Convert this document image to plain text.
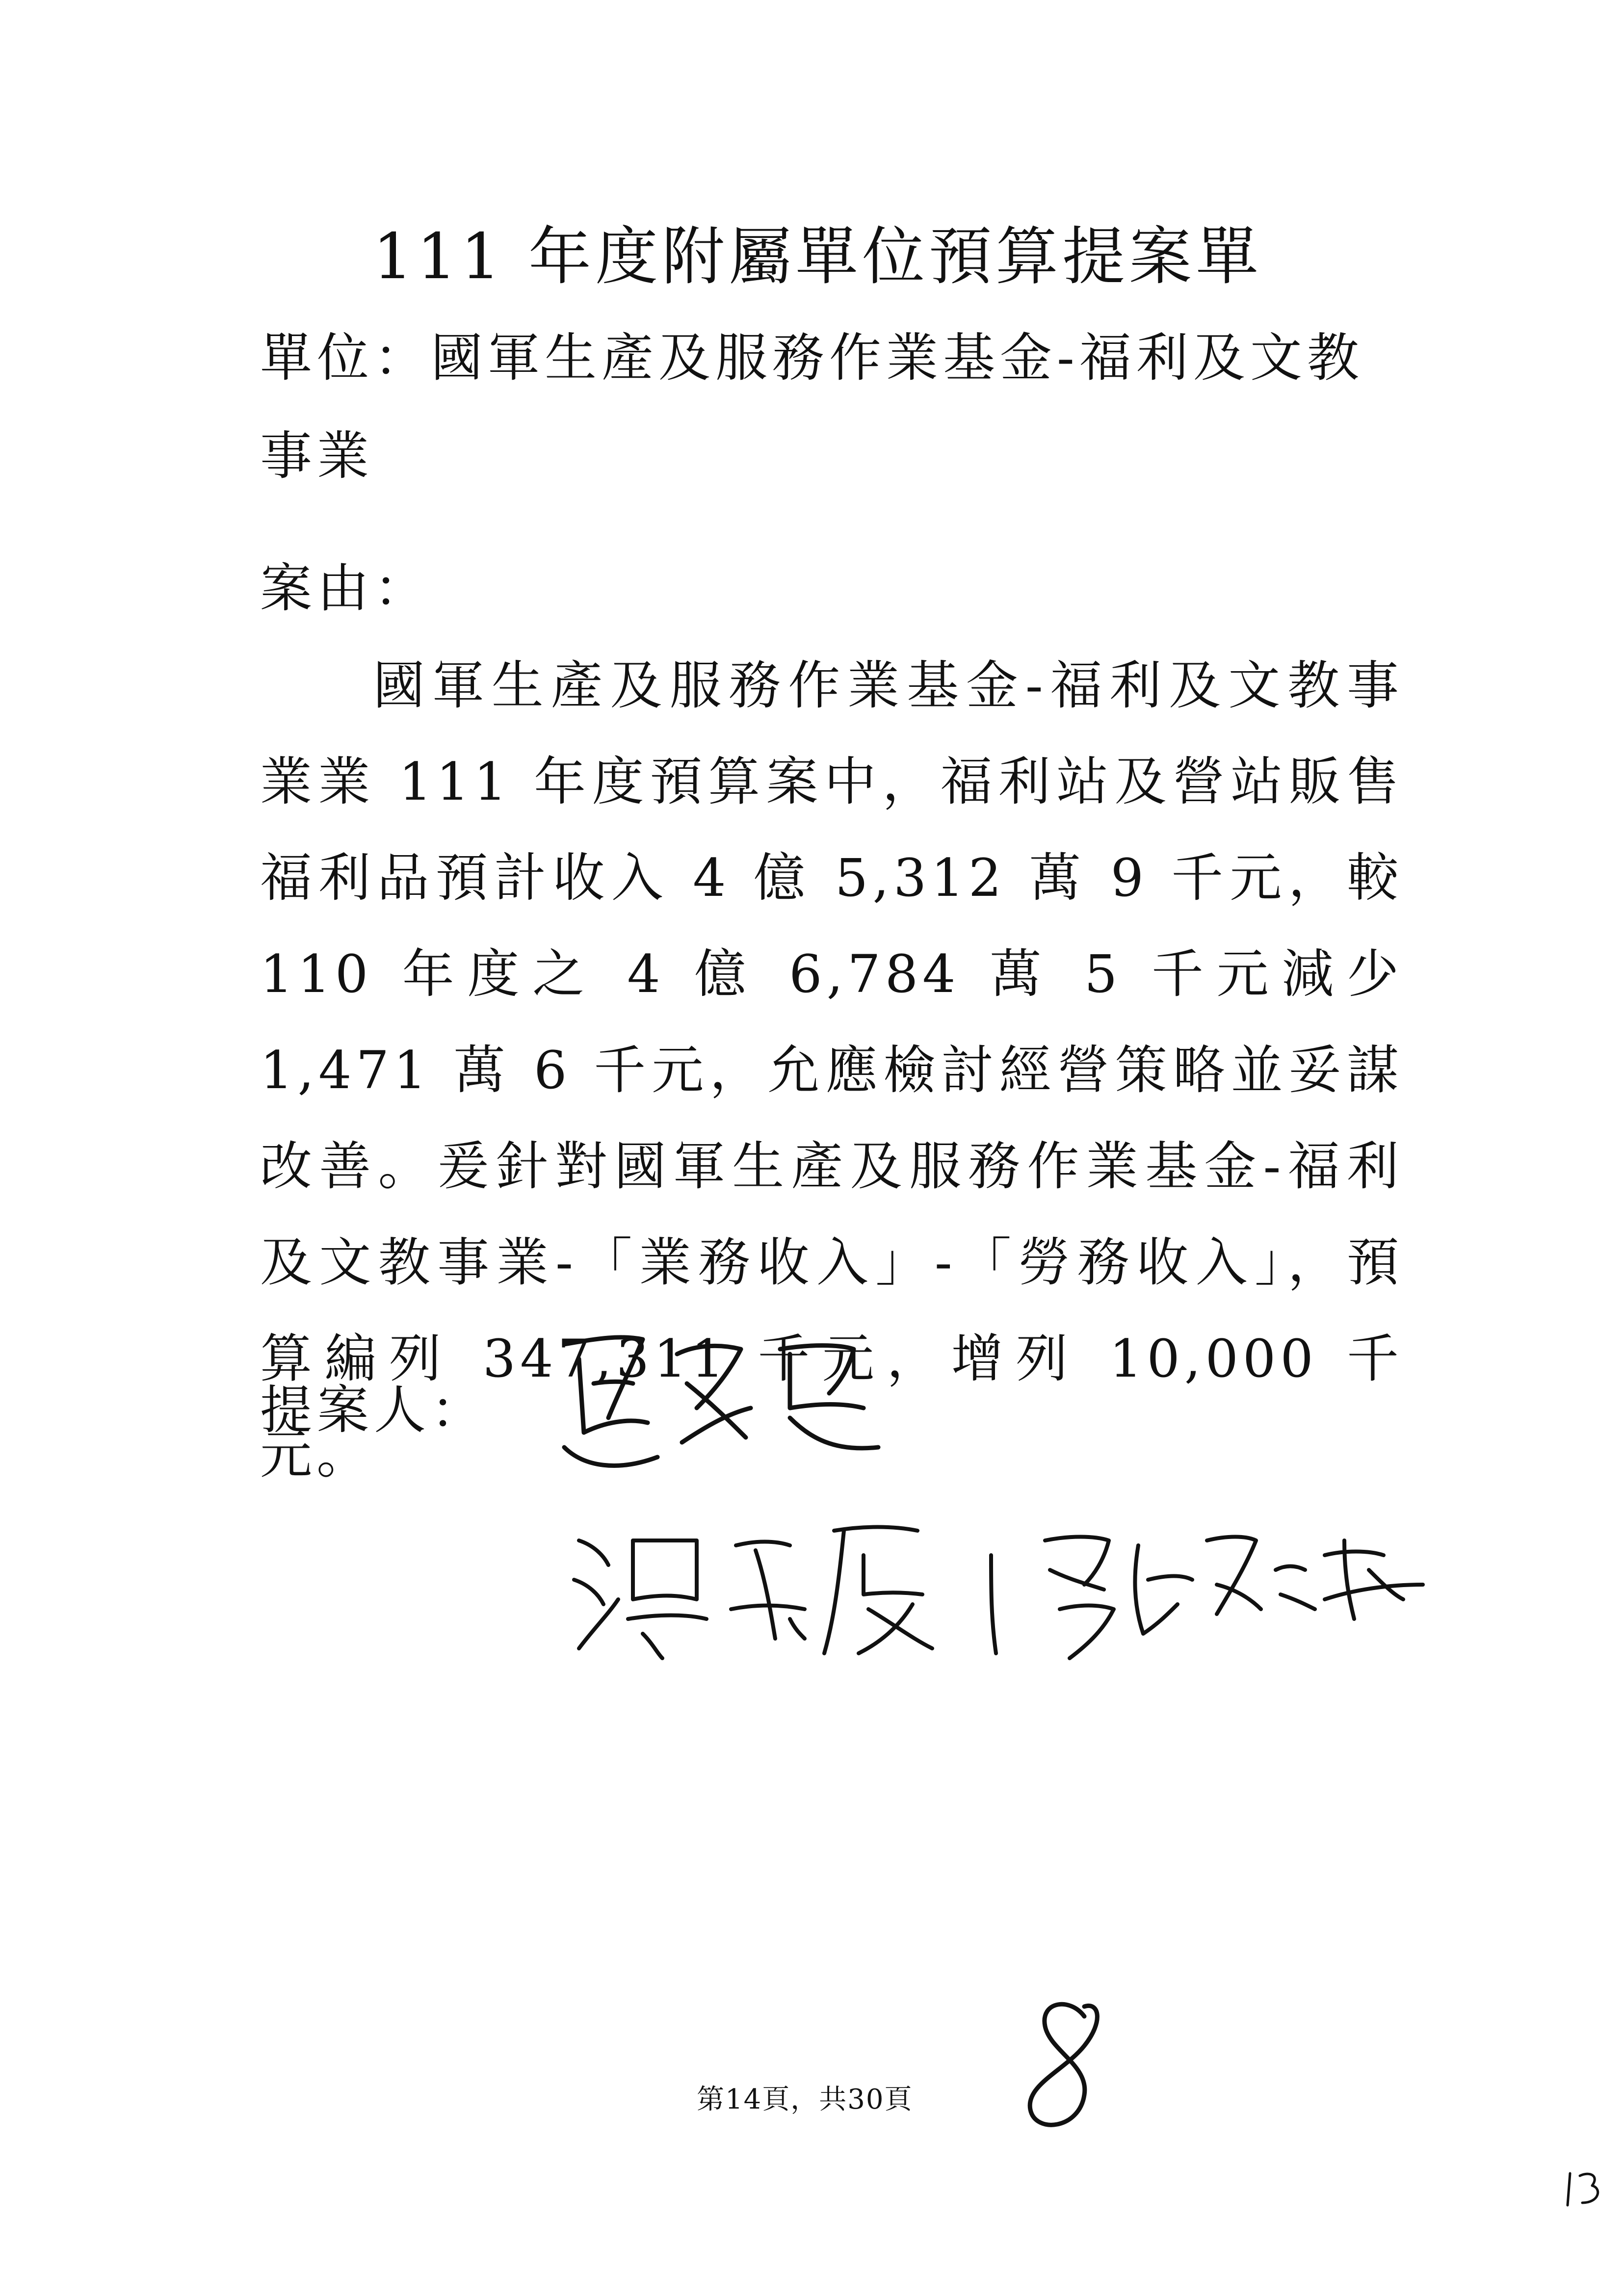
111 年度附屬單位預算提案單
單位：國軍生產及服務作業基金-福利及文教事業
案由：
國軍生產及服務作業基金-福利及文教事業業 111 年度預算案中，福利站及營站販售福利品預計收入 4 億 5,312 萬 9 千元，較 110 年度之 4 億 6,784 萬 5 千元減少 1,471 萬 6 千元，允應檢討經營策略並妥謀改善。爰針對國軍生產及服務作業基金-福利及文教事業-「業務收入」-「勞務收入」，預算編列 347,311 千元，增列 10,000 千元。
提案人：
第14頁，共30頁
